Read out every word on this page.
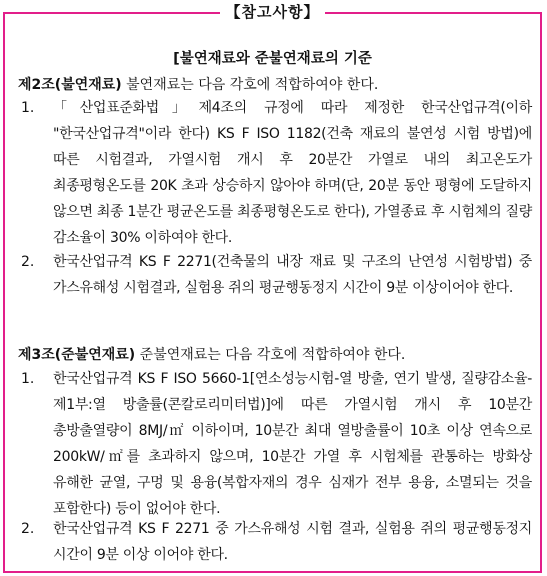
【참고사항】
[불연재료와 준불연재료의 기준
제2조(불연재료) 불연재료는 다음 각호에 적합하여야 한다.
1.	「산업표준화법」제4조의 규정에 따라 제정한 한국산업규격(이하 "한국산업규격"이라 한다) KS F ISO 1182(건축 재료의 불연성 시험 방법)에 따른 시험결과, 가열시험 개시 후 20분간 가열로 내의 최고온도가 최종평형온도를 20K 초과 상승하지 않아야 하며(단, 20분 동안 평형에 도달하지 않으면 최종 1분간 평균온도를 최종평형온도로 한다), 가열종료 후 시험체의 질량 감소율이 30% 이하여야 한다.
2.	한국산업규격 KS F 2271(건축물의 내장 재료 및 구조의 난연성 시험방법) 중 가스유해성 시험결과, 실험용 쥐의 평균행동정지 시간이 9분 이상이어야 한다.
제3조(준불연재료) 준불연재료는 다음 각호에 적합하여야 한다.
1.	한국산업규격 KS F ISO 5660-1[연소성능시험-열 방출, 연기 발생, 질량감소율-제1부:열 방출률(콘칼로리미터법)]에 따른 가열시험 개시 후 10분간 총방출열량이 8MJ/㎡ 이하이며, 10분간 최대 열방출률이 10초 이상 연속으로 200kW/㎡를 초과하지 않으며, 10분간 가열 후 시험체를 관통하는 방화상 유해한 균열, 구멍 및 용융(복합자재의 경우 심재가 전부 용융, 소멸되는 것을 포함한다) 등이 없어야 한다.
2.	한국산업규격 KS F 2271 중 가스유해성 시험 결과, 실험용 쥐의 평균행동정지 시간이 9분 이상 이어야 한다.
